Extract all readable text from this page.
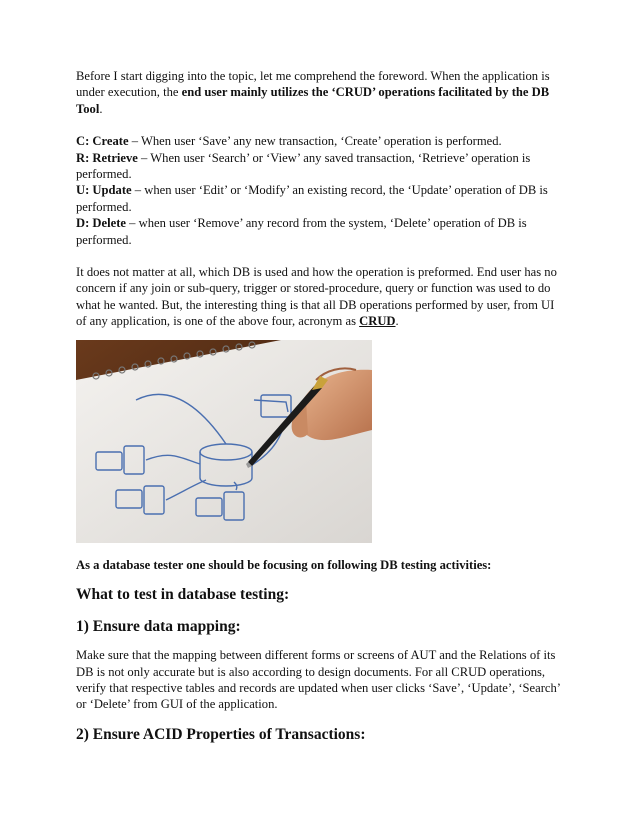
Before I start digging into the topic, let me comprehend the foreword. When the application is under execution, the end user mainly utilizes the ‘CRUD’ operations facilitated by the DB Tool.

C: Create – When user ‘Save’ any new transaction, ‘Create’ operation is performed.

R: Retrieve – When user ‘Search’ or ‘View’ any saved transaction, ‘Retrieve’ operation is performed.

U: Update – when user ‘Edit’ or ‘Modify’ an existing record, the ‘Update’ operation of DB is performed.

D: Delete – when user ‘Remove’ any record from the system, ‘Delete’ operation of DB is performed.

It does not matter at all, which DB is used and how the operation is preformed. End user has no concern if any join or sub-query, trigger or stored-procedure, query or function was used to do what he wanted. But, the interesting thing is that all DB operations performed by user, from UI of any application, is one of the above four, acronym as CRUD.

As a database tester one should be focusing on following DB testing activities:

What to test in database testing:
1) Ensure data mapping:

Make sure that the mapping between different forms or screens of AUT and the Relations of its DB is not only accurate but is also according to design documents. For all CRUD operations, verify that respective tables and records are updated when user clicks ‘Save’, ‘Update’, ‘Search’ or ‘Delete’ from GUI of the application.

2) Ensure ACID Properties of Transactions:
